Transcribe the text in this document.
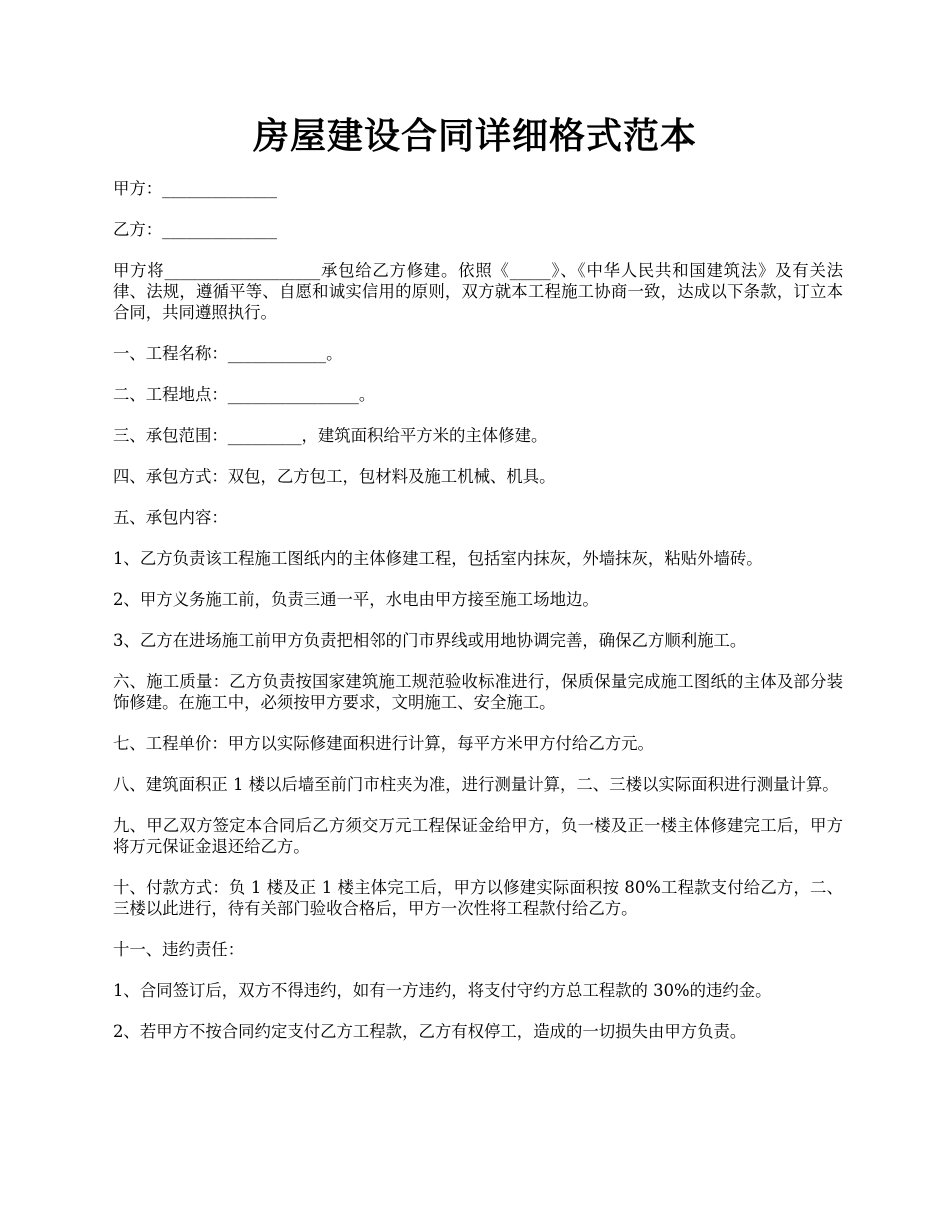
房屋建设合同详细格式范本

甲方：______________

乙方：______________

甲方将___________________承包给乙方修建。依照《_____》、《中华人民共和国建筑法》及有关法律、法规，遵循平等、自愿和诚实信用的原则，双方就本工程施工协商一致，达成以下条款，订立本合同，共同遵照执行。

一、工程名称：____________。

二、工程地点：________________。

三、承包范围：_________，建筑面积给平方米的主体修建。

四、承包方式：双包，乙方包工，包材料及施工机械、机具。

五、承包内容：

1、乙方负责该工程施工图纸内的主体修建工程，包括室内抹灰，外墙抹灰，粘贴外墙砖。

2、甲方义务施工前，负责三通一平，水电由甲方接至施工场地边。

3、乙方在进场施工前甲方负责把相邻的门市界线或用地协调完善，确保乙方顺利施工。

六、施工质量：乙方负责按国家建筑施工规范验收标准进行，保质保量完成施工图纸的主体及部分装饰修建。在施工中，必须按甲方要求，文明施工、安全施工。

七、工程单价：甲方以实际修建面积进行计算，每平方米甲方付给乙方元。

八、建筑面积正 1 楼以后墙至前门市柱夹为准，进行测量计算，二、三楼以实际面积进行测量计算。

九、甲乙双方签定本合同后乙方须交万元工程保证金给甲方，负一楼及正一楼主体修建完工后，甲方将万元保证金退还给乙方。

十、付款方式：负 1 楼及正 1 楼主体完工后，甲方以修建实际面积按 80%工程款支付给乙方，二、三楼以此进行，待有关部门验收合格后，甲方一次性将工程款付给乙方。

十一、违约责任：

1、合同签订后，双方不得违约，如有一方违约，将支付守约方总工程款的 30%的违约金。

2、若甲方不按合同约定支付乙方工程款，乙方有权停工，造成的一切损失由甲方负责。
